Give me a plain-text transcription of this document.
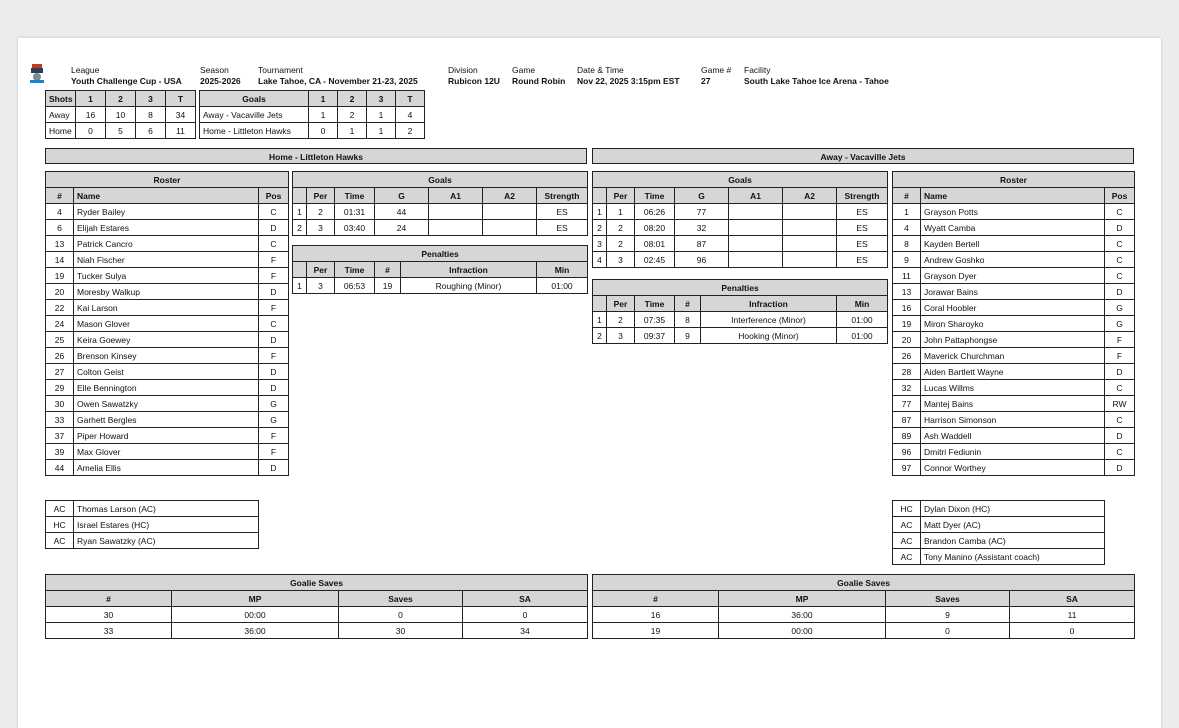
League
Youth Challenge Cup - USA
Season
2025-2026
Tournament
Lake Tahoe, CA - November 21-23, 2025
Division
Rubicon 12U
Game
Round Robin
Date & Time
Nov 22, 2025 3:15pm EST
Game #
27
Facility
South Lake Tahoe Ice Arena - Tahoe
Shots	1	2	3	T
Away	16	10	8	34
Home	0	5	6	11
Goals	1	2	3	T
Away - Vacaville Jets	1	2	1	4
Home - Littleton Hawks	0	1	1	2
Home - Littleton Hawks	Away - Vacaville Jets
Roster		
#	Name	Pos
4	Ryder Bailey	C
6	Elijah Estares	D
13	Patrick Cancro	C
14	Niah Fischer	F
19	Tucker Sulya	F
20	Moresby Walkup	D
22	Kai Larson	F
24	Mason Glover	C
25	Keira Goewey	D
26	Brenson Kinsey	F
27	Colton Geist	D
29	Elle Bennington	D
30	Owen Sawatzky	G
33	Garhett Bergles	G
37	Piper Howard	F
39	Max Glover	F
44	Amelia Ellis	D
AC	Thomas Larson (AC)
HC	Israel Estares (HC)
AC	Ryan Sawatzky (AC)
Goals						
	Per	Time	G	A1	A2	Strength
1	2	01:31	44			ES
2	3	03:40	24			ES
Penalties					
	Per	Time	#	Infraction	Min
1	3	06:53	19	Roughing (Minor)	01:00
Goals						
	Per	Time	G	A1	A2	Strength
1	1	06:26	77			ES
2	2	08:20	32			ES
3	2	08:01	87			ES
4	3	02:45	96			ES
Penalties					
	Per	Time	#	Infraction	Min
1	2	07:35	8	Interference (Minor)	01:00
2	3	09:37	9	Hooking (Minor)	01:00
Roster		
#	Name	Pos
1	Grayson Potts	C
4	Wyatt Camba	D
8	Kayden Bertell	C
9	Andrew Goshko	C
11	Grayson Dyer	C
13	Jorawar Bains	D
16	Coral Hoobler	G
19	Miron Sharoyko	G
20	John Pattaphongse	F
26	Maverick Churchman	F
28	Aiden Bartlett Wayne	D
32	Lucas Willms	C
77	Mantej Bains	RW
87	Harrison Simonson	C
89	Ash Waddell	D
96	Dmitri Fediunin	C
97	Connor Worthey	D
HC	Dylan Dixon (HC)
AC	Matt Dyer (AC)
AC	Brandon Camba (AC)
AC	Tony Manino (Assistant coach)
Goalie Saves			
#	MP	Saves	SA
30	00:00	0	0
33	36:00	30	34
Goalie Saves			
#	MP	Saves	SA
16	36:00	9	11
19	00:00	0	0
